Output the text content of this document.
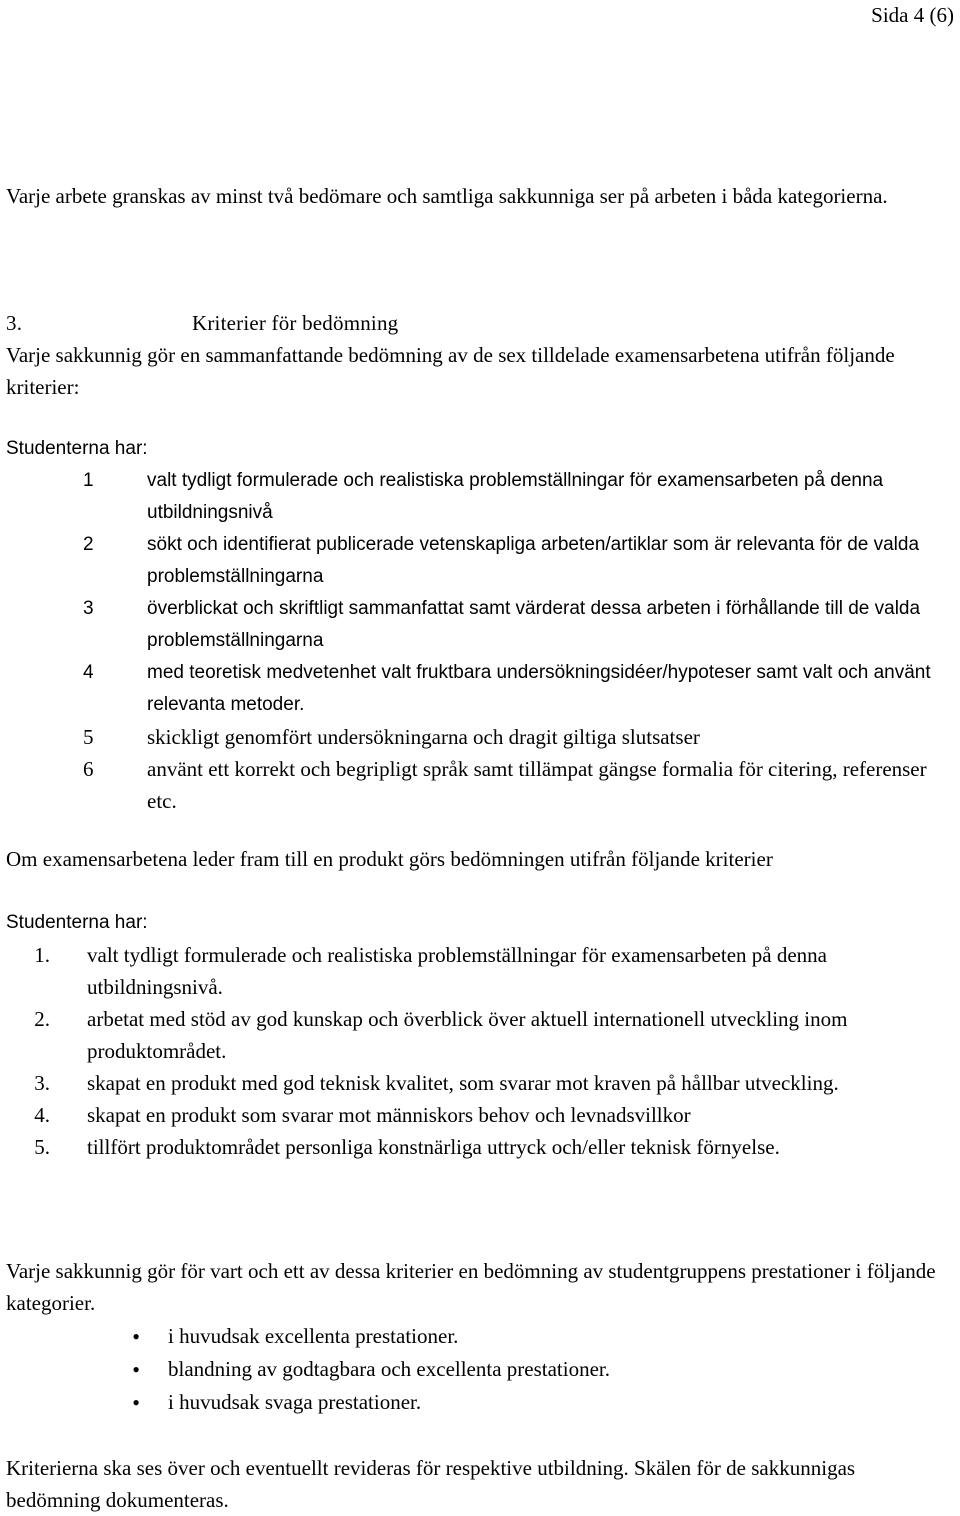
Sida 4 (6)
Varje arbete granskas av minst två bedömare och samtliga sakkunniga ser på arbeten i båda kategorierna.
3.	Kriterier för bedömning
Varje sakkunnig gör en sammanfattande bedömning av de sex tilldelade examensarbetena utifrån följande kriterier:
Studenterna har:
1	valt tydligt formulerade och realistiska problemställningar för examensarbeten på denna utbildningsnivå
2	sökt och identifierat publicerade vetenskapliga arbeten/artiklar som är relevanta för de valda problemställningarna
3	överblickat och skriftligt sammanfattat samt värderat dessa arbeten i förhållande till de valda problemställningarna
4	med teoretisk medvetenhet valt fruktbara undersökningsidéer/hypoteser samt valt och använt relevanta metoder.
5	skickligt genomfört undersökningarna och dragit giltiga slutsatser
6	använt ett korrekt och begripligt språk samt tillämpat gängse formalia för citering, referenser etc.
Om examensarbetena leder fram till en produkt görs bedömningen utifrån följande kriterier
Studenterna har:
1.	valt tydligt formulerade och realistiska problemställningar för examensarbeten på denna utbildningsnivå.
2.	arbetat med stöd av god kunskap och överblick över aktuell internationell utveckling inom produktområdet.
3.	skapat en produkt med god teknisk kvalitet, som svarar mot kraven på hållbar utveckling.
4.	skapat en produkt som svarar mot människors behov och levnadsvillkor
5.	tillfört produktområdet personliga konstnärliga uttryck och/eller teknisk förnyelse.
Varje sakkunnig gör för vart och ett av dessa kriterier en bedömning av studentgruppens prestationer i följande kategorier.
•	i huvudsak excellenta prestationer.
•	blandning av godtagbara och excellenta prestationer.
•	i huvudsak svaga prestationer.
Kriterierna ska ses över och eventuellt revideras för respektive utbildning. Skälen för de sakkunnigas bedömning dokumenteras.
